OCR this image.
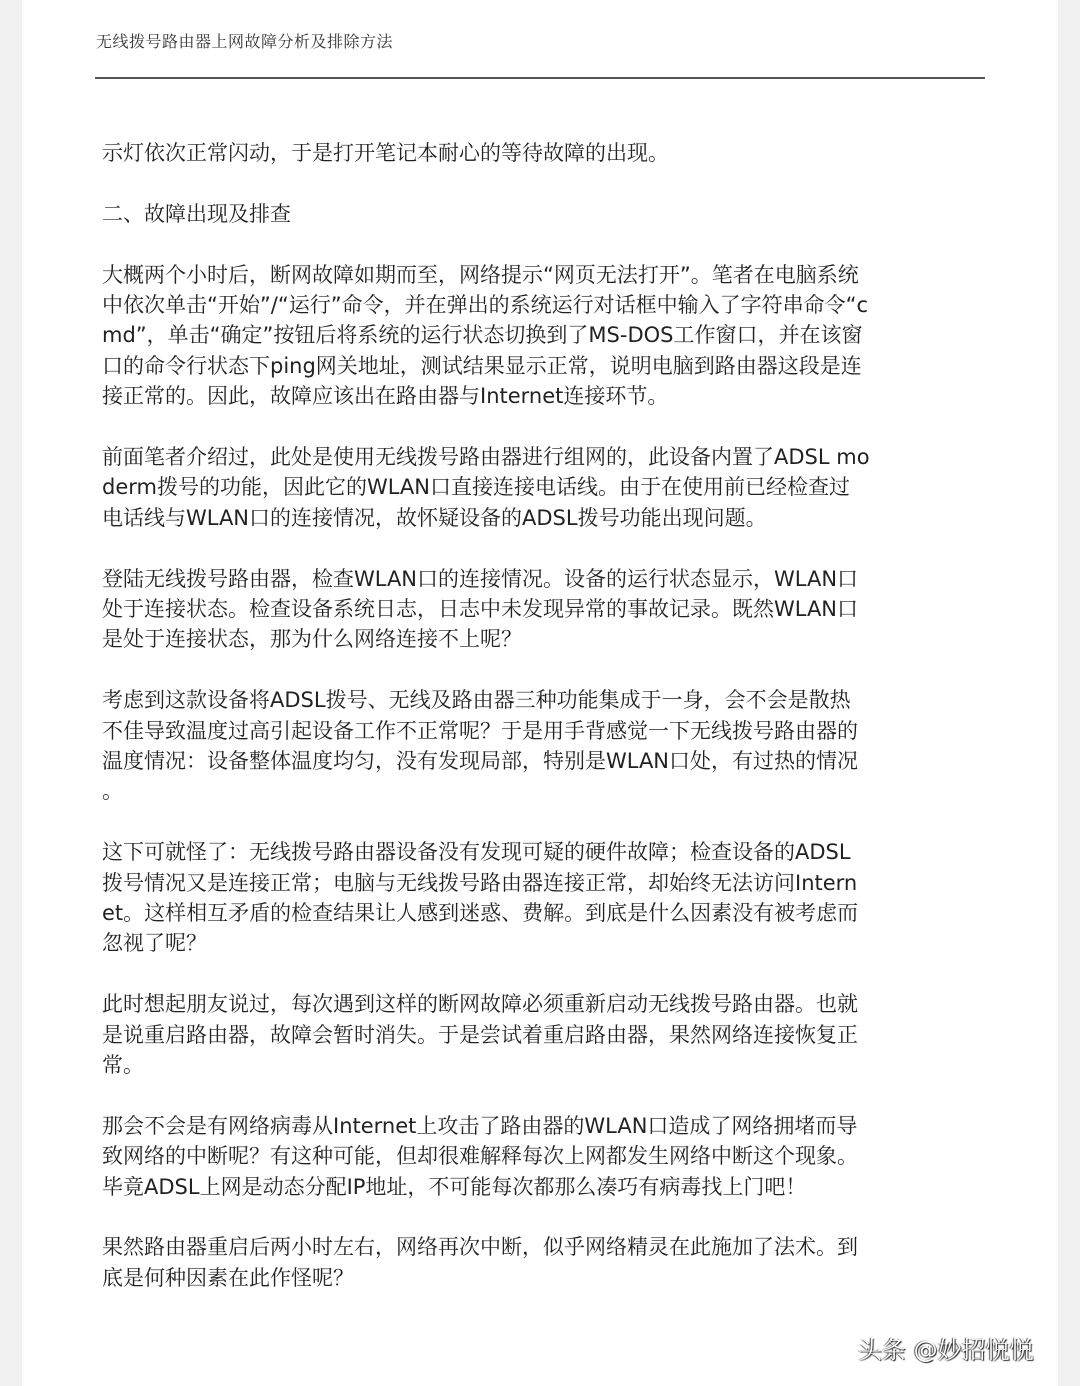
无线拨号路由器上网故障分析及排除方法
示灯依次正常闪动，于是打开笔记本耐心的等待故障的出现。
二、故障出现及排查
大概两个小时后，断网故障如期而至，网络提示“网页无法打开”。笔者在电脑系统
中依次单击“开始”/“运行”命令，并在弹出的系统运行对话框中输入了字符串命令“c
md”，单击“确定”按钮后将系统的运行状态切换到了MS-DOS工作窗口，并在该窗
口的命令行状态下ping网关地址，测试结果显示正常，说明电脑到路由器这段是连
接正常的。因此，故障应该出在路由器与Internet连接环节。
前面笔者介绍过，此处是使用无线拨号路由器进行组网的，此设备内置了ADSL mo
derm拨号的功能，因此它的WLAN口直接连接电话线。由于在使用前已经检查过
电话线与WLAN口的连接情况，故怀疑设备的ADSL拨号功能出现问题。
登陆无线拨号路由器，检查WLAN口的连接情况。设备的运行状态显示，WLAN口
处于连接状态。检查设备系统日志，日志中未发现异常的事故记录。既然WLAN口
是处于连接状态，那为什么网络连接不上呢？
考虑到这款设备将ADSL拨号、无线及路由器三种功能集成于一身，会不会是散热
不佳导致温度过高引起设备工作不正常呢？于是用手背感觉一下无线拨号路由器的
温度情况：设备整体温度均匀，没有发现局部，特别是WLAN口处，有过热的情况
。
这下可就怪了：无线拨号路由器设备没有发现可疑的硬件故障；检查设备的ADSL
拨号情况又是连接正常；电脑与无线拨号路由器连接正常，却始终无法访问Intern
et。这样相互矛盾的检查结果让人感到迷惑、费解。到底是什么因素没有被考虑而
忽视了呢？
此时想起朋友说过，每次遇到这样的断网故障必须重新启动无线拨号路由器。也就
是说重启路由器，故障会暂时消失。于是尝试着重启路由器，果然网络连接恢复正
常。
那会不会是有网络病毒从Internet上攻击了路由器的WLAN口造成了网络拥堵而导
致网络的中断呢？有这种可能，但却很难解释每次上网都发生网络中断这个现象。
毕竟ADSL上网是动态分配IP地址，不可能每次都那么凑巧有病毒找上门吧！
果然路由器重启后两小时左右，网络再次中断，似乎网络精灵在此施加了法术。到
底是何种因素在此作怪呢？
头条 @妙招悦悦
